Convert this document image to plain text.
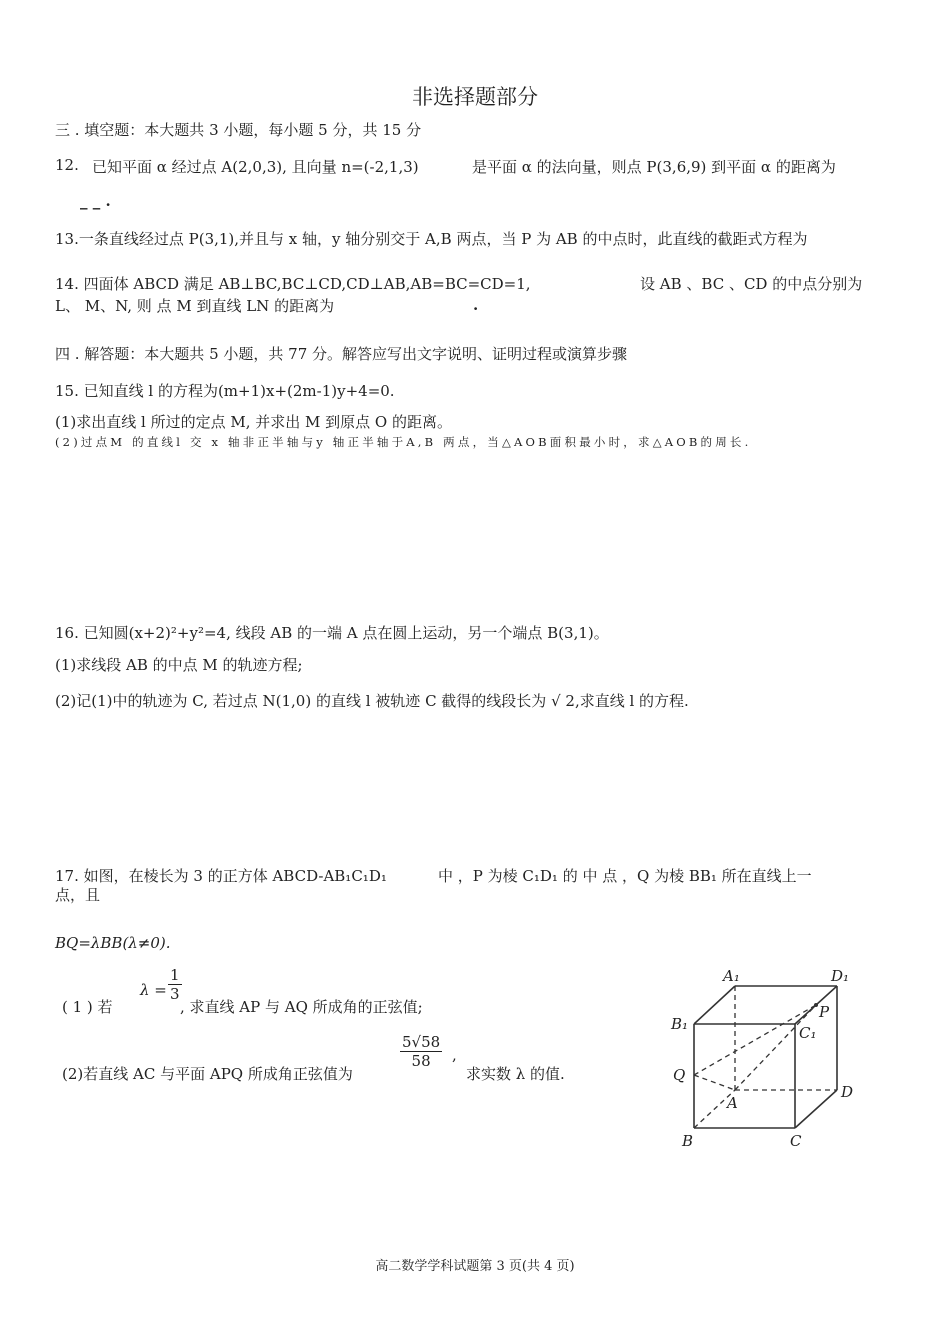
非选择题部分
三 . 填空题：本大题共 3 小题，每小题 5 分，共 15 分
12. 已知平面 α 经过点 A(2,0,3), 且向量 n=(-2,1,3)	是平面 α 的法向量，则点 P(3,6,9) 到平面 α 的距离为
_ _ .
13.一条直线经过点 P(3,1),并且与 x 轴，y 轴分别交于 A,B 两点，当 P 为 AB 的中点时，此直线的截距式方程为
14. 四面体 ABCD 满足 AB⊥BC,BC⊥CD,CD⊥AB,AB=BC=CD=1,	设 AB 、BC 、CD 的中点分别为
L、 M、N, 则 点 M 到直线 LN 的距离为	.
四 . 解答题：本大题共 5 小题，共 77 分。解答应写出文字说明、证明过程或演算步骤
15. 已知直线 l 的方程为(m+1)x+(2m-1)y+4=0.
(1)求出直线 l 所过的定点 M, 并求出 M 到原点 O 的距离。
(2)过点M 的直线l 交 x 轴非正半轴与y 轴正半轴于A,B 两点，当△AOB面积最小时，求△AOB的周长.
16. 已知圆(x+2)²+y²=4, 线段 AB 的一端 A 点在圆上运动，另一个端点 B(3,1)。
(1)求线段 AB 的中点 M 的轨迹方程;
(2)记(1)中的轨迹为 C, 若过点 N(1,0) 的直线 l 被轨迹 C 截得的线段长为 √ 2,求直线 l 的方程.
17. 如图，在棱长为 3 的正方体 ABCD-AB₁C₁D₁	中 ，P 为棱 C₁D₁ 的 中 点 ，Q 为棱 BB₁ 所在直线上一
点，且
BQ=λBB(λ≠0).
( 1 ) 若
$\lambda = \frac{1}{3}$
, 求直线 AP 与 AQ 所成角的正弦值;
(2)若直线 AC 与平面 APQ 所成角正弦值为
$\frac{5√58}{58}$ ,
求实数 λ 的值.
A₁	D₁
B₁
P
C₁
Q
D
A
B	C
高二数学学科试题第 3 页(共 4 页)
